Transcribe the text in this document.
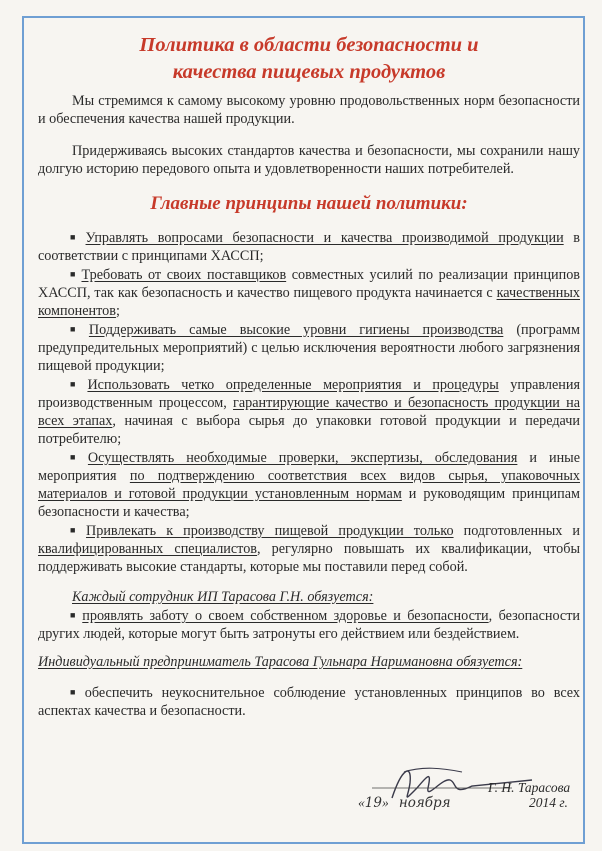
Политика в области безопасности и
качества пищевых продуктов

Мы стремимся к самому высокому уровню продовольственных норм безопасности и обеспечения качества нашей продукции.

Придерживаясь высоких стандартов качества и безопасности, мы сохранили нашу долгую историю передового опыта и удовлетворенности наших потребителей.

Главные принципы нашей политики:

■ Управлять вопросами безопасности и качества производимой продукции в соответствии с принципами ХАССП;

■ Требовать от своих поставщиков совместных усилий по реализации принципов ХАССП, так как безопасность и качество пищевого продукта начинается с качественных компонентов;

■ Поддерживать самые высокие уровни гигиены производства (программ предупредительных мероприятий) с целью исключения вероятности любого загрязнения пищевой продукции;

■ Использовать четко определенные мероприятия и процедуры управления производственным процессом, гарантирующие качество и безопасность продукции на всех этапах, начиная с выбора сырья до упаковки готовой продукции и передачи потребителю;

■ Осуществлять необходимые проверки, экспертизы, обследования и иные мероприятия по подтверждению соответствия всех видов сырья, упаковочных материалов и готовой продукции установленным нормам и руководящим принципам безопасности и качества;

■ Привлекать к производству пищевой продукции только подготовленных и квалифицированных специалистов, регулярно повышать их квалификации, чтобы поддерживать высокие стандарты, которые мы поставили перед собой.

Каждый сотрудник ИП Тарасова Г.Н. обязуется:

■ проявлять заботу о своем собственном здоровье и безопасности, безопасности других людей, которые могут быть затронуты его действием или бездействием.

Индивидуальный предприниматель Тарасова Гульнара Наримановна обязуется:

■ обеспечить неукоснительное соблюдение установленных принципов во всех аспектах качества и безопасности.

Г. Н. Тарасова
«19» ноября	2014 г.
